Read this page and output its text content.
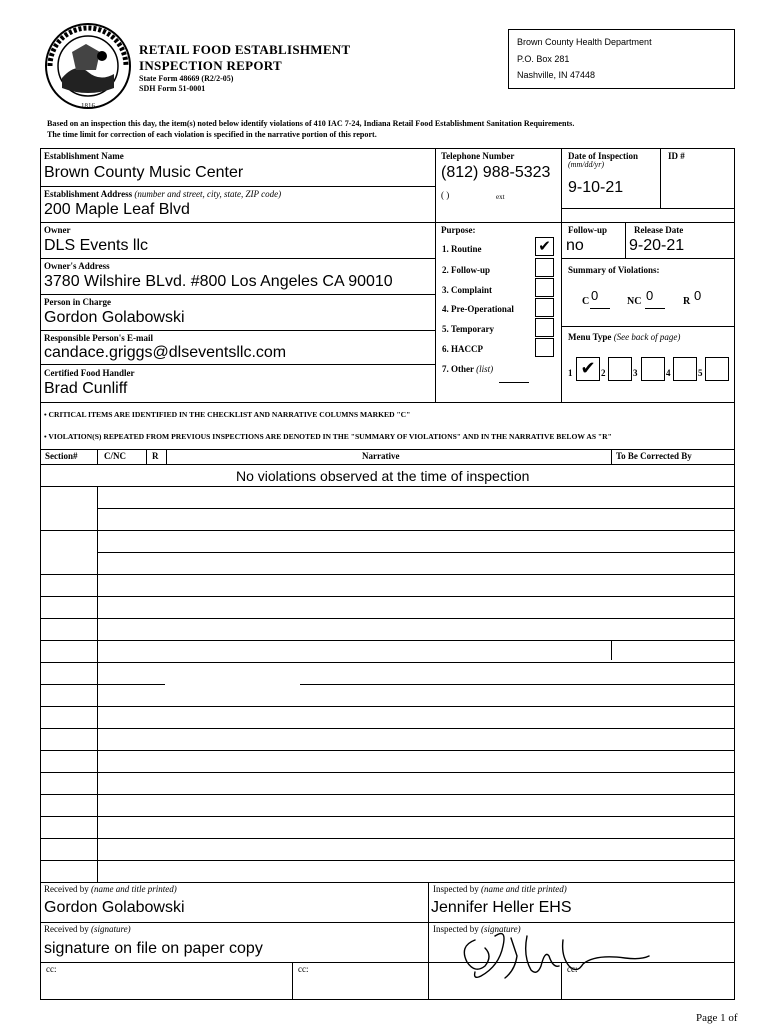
1816
RETAIL FOOD ESTABLISHMENT
INSPECTION REPORT
State Form 48669 (R2/2-05)
SDH Form 51-0001
Brown County Health Department
P.O. Box 281
Nashville, IN 47448
Based on an inspection this day, the item(s) noted below identify violations of 410 IAC 7-24, Indiana Retail Food Establishment Sanitation Requirements.
The time limit for correction of each violation is specified in the narrative portion of this report.
Establishment Name
Brown County Music Center
Telephone Number
(812) 988-5323
( )	ext
Date of Inspection
(mm/dd/yr)
9-10-21
ID #
Establishment Address (number and street, city, state, ZIP code)
200 Maple Leaf Blvd
Owner
DLS Events llc
Purpose:
1. Routine
2. Follow-up
3. Complaint
4. Pre-Operational
5. Temporary
6. HACCP
7. Other (list)
✔
Follow-up
no
Release Date
9-20-21
Owner's Address
3780 Wilshire BLvd. #800 Los Angeles CA 90010
Summary of Violations:
C 0	NC 0	R 0
Person in Charge
Gordon Golabowski
Responsible Person's E-mail
candace.griggs@dlseventsllc.com
Menu Type (See back of page)
1 ✔ 2	3	4	5
Certified Food Handler
Brad Cunliff
• CRITICAL ITEMS ARE IDENTIFIED IN THE CHECKLIST AND NARRATIVE COLUMNS MARKED "C"
• VIOLATION(S) REPEATED FROM PREVIOUS INSPECTIONS ARE DENOTED IN THE "SUMMARY OF VIOLATIONS" AND IN THE NARRATIVE BELOW AS "R"
Section#	C/NC	R	Narrative	To Be Corrected By
No violations observed at the time of inspection
Received by (name and title printed)
Gordon Golabowski
Inspected by (name and title printed)
Jennifer Heller EHS
Received by (signature)
signature on file on paper copy
Inspected by (signature)
cc:	cc:	cc:
Page 1 of
